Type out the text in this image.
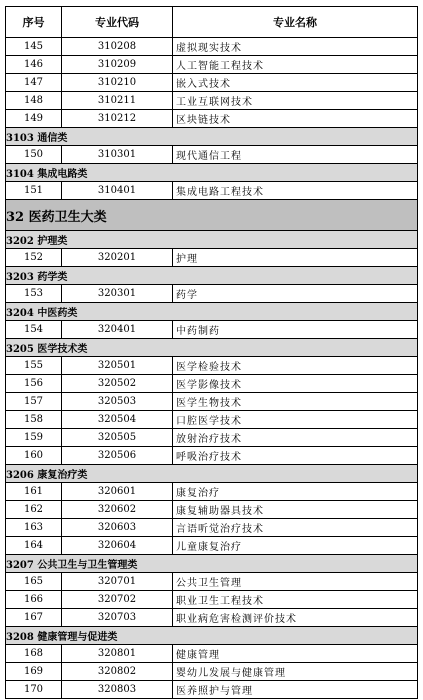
序号	专业代码	专业名称
145	310208	虚拟现实技术
146	310209	人工智能工程技术
147	310210	嵌入式技术
148	310211	工业互联网技术
149	310212	区块链技术
3103 通信类		
150	310301	现代通信工程
3104 集成电路类		
151	310401	集成电路工程技术
32 医药卫生大类		
3202 护理类		
152	320201	护理
3203 药学类		
153	320301	药学
3204 中医药类		
154	320401	中药制药
3205 医学技术类		
155	320501	医学检验技术
156	320502	医学影像技术
157	320503	医学生物技术
158	320504	口腔医学技术
159	320505	放射治疗技术
160	320506	呼吸治疗技术
3206 康复治疗类		
161	320601	康复治疗
162	320602	康复辅助器具技术
163	320603	言语听觉治疗技术
164	320604	儿童康复治疗
3207 公共卫生与卫生管理类		
165	320701	公共卫生管理
166	320702	职业卫生工程技术
167	320703	职业病危害检测评价技术
3208 健康管理与促进类		
168	320801	健康管理
169	320802	婴幼儿发展与健康管理
170	320803	医养照护与管理
